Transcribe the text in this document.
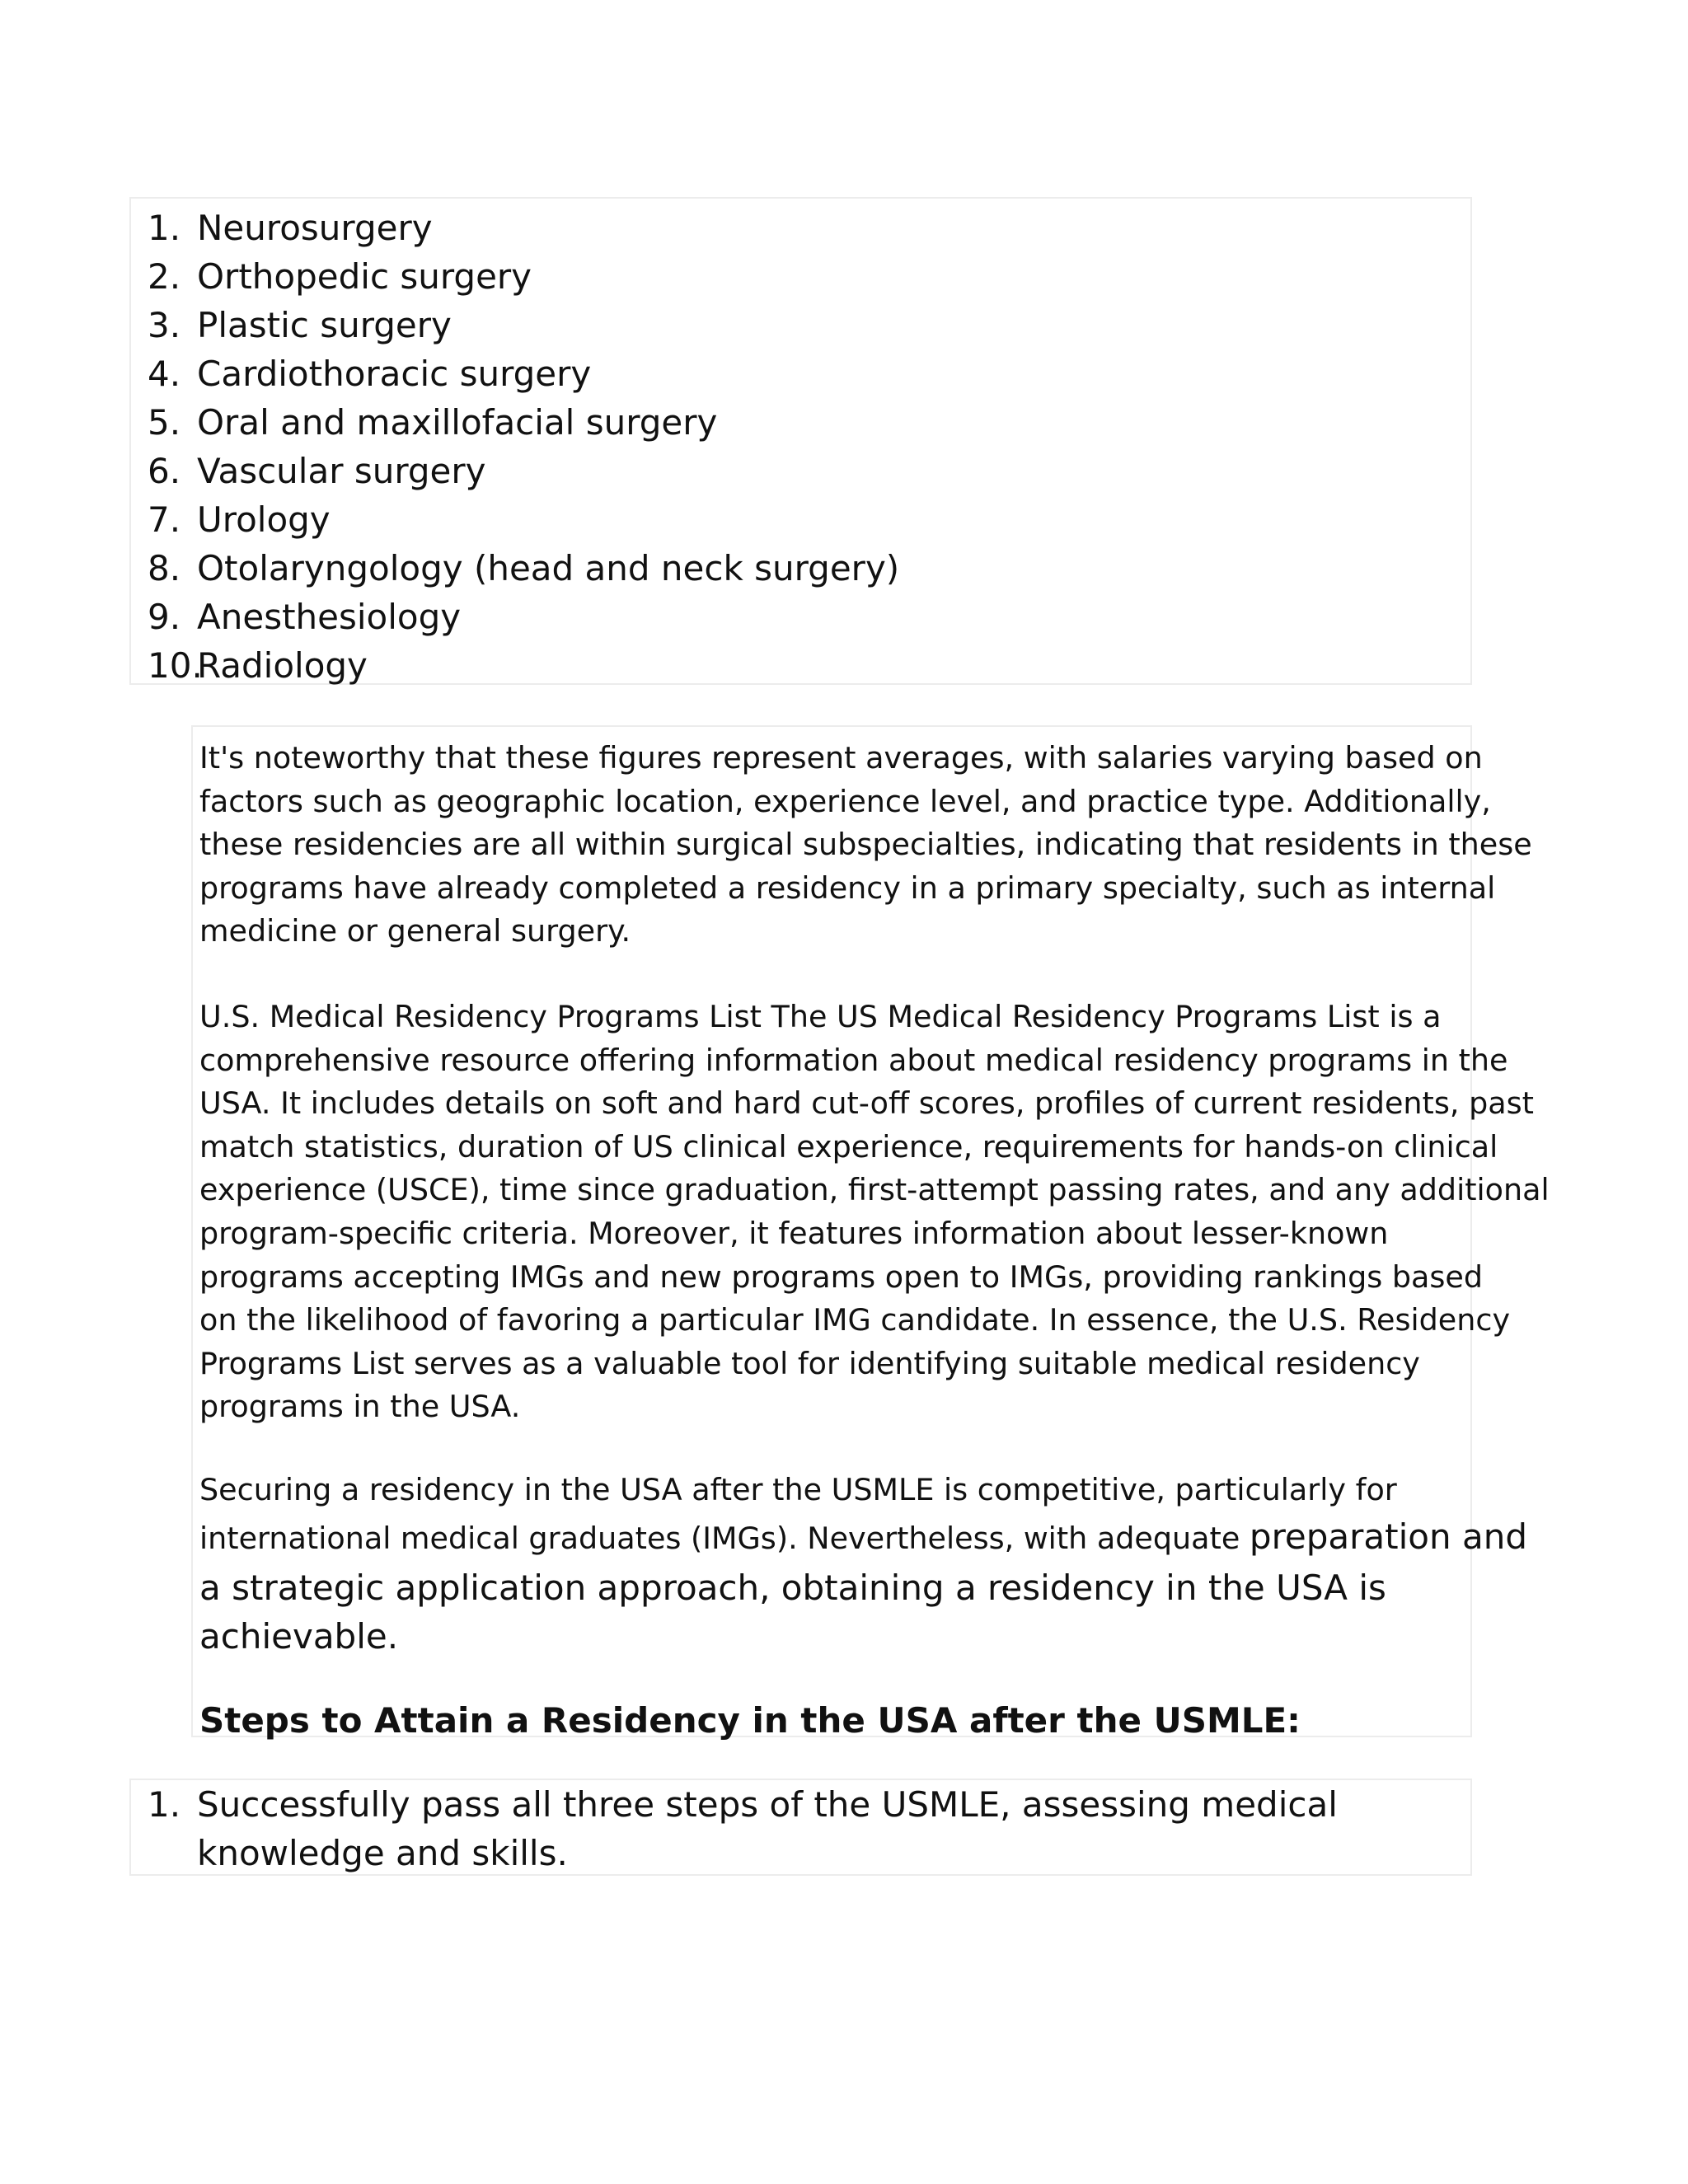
1. Neurosurgery
2. Orthopedic surgery
3. Plastic surgery
4. Cardiothoracic surgery
5. Oral and maxillofacial surgery
6. Vascular surgery
7. Urology
8. Otolaryngology (head and neck surgery)
9. Anesthesiology
10.
Radiology

It's noteworthy that these figures represent averages, with salaries varying based on
factors such as geographic location, experience level, and practice type. Additionally,
these residencies are all within surgical subspecialties, indicating that residents in these
programs have already completed a residency in a primary specialty, such as internal
medicine or general surgery.

U.S. Medical Residency Programs List The US Medical Residency Programs List is a
comprehensive resource offering information about medical residency programs in the
USA. It includes details on soft and hard cut-off scores, profiles of current residents, past
match statistics, duration of US clinical experience, requirements for hands-on clinical
experience (USCE), time since graduation, first-attempt passing rates, and any additional
program-specific criteria. Moreover, it features information about lesser-known
programs accepting IMGs and new programs open to IMGs, providing rankings based
on the likelihood of favoring a particular IMG candidate. In essence, the U.S. Residency
Programs List serves as a valuable tool for identifying suitable medical residency
programs in the USA.

Securing a residency in the USA after the USMLE is competitive, particularly for
international medical graduates (IMGs). Nevertheless, with adequate preparation and
a strategic application approach, obtaining a residency in the USA is
achievable.
Steps to Attain a Residency in the USA after the USMLE:
1. Successfully pass all three steps of the USMLE, assessing medical knowledge and skills.
